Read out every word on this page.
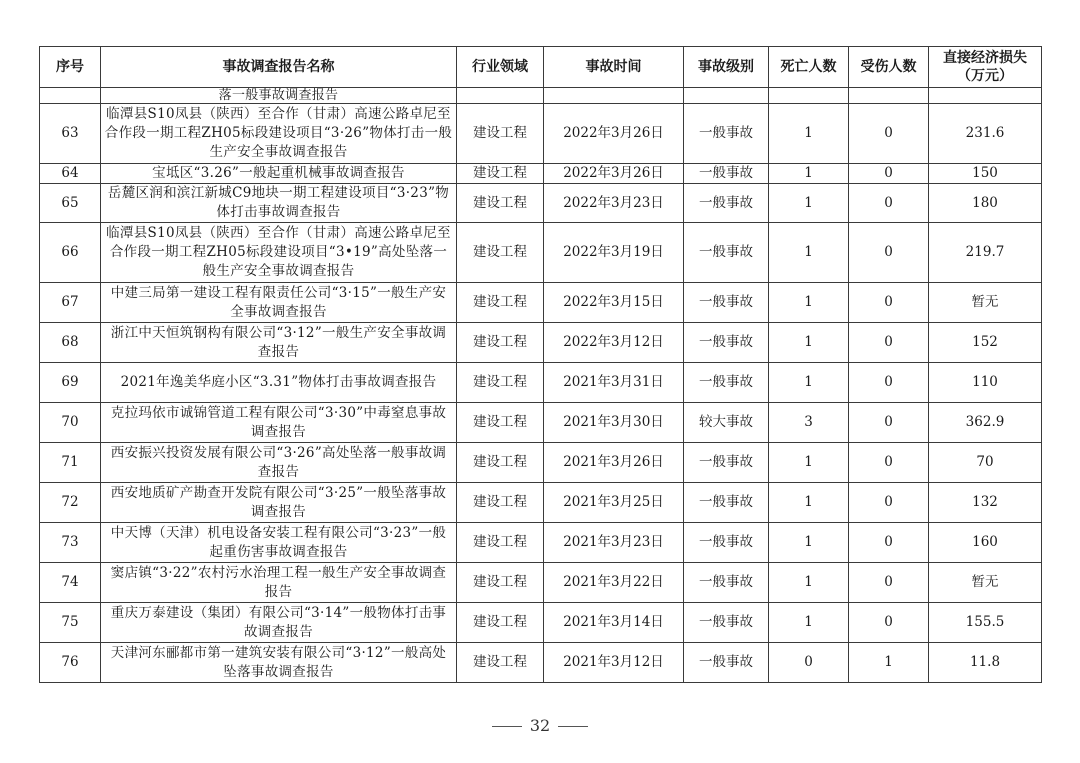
序号	事故调查报告名称	行业领域	事故时间	事故级别	死亡人数	受伤人数	直接经济损失（万元）
	落一般事故调查报告						
63	临潭县S10凤县（陕西）至合作（甘肃）高速公路卓尼至合作段一期工程ZH05标段建设项目“3·26”物体打击一般生产安全事故调查报告	建设工程	2022年3月26日	一般事故	1	0	231.6
64	宝坻区“3.26”一般起重机械事故调查报告	建设工程	2022年3月26日	一般事故	1	0	150
65	岳麓区润和滨江新城C9地块一期工程建设项目“3·23”物体打击事故调查报告	建设工程	2022年3月23日	一般事故	1	0	180
66	临潭县S10凤县（陕西）至合作（甘肃）高速公路卓尼至合作段一期工程ZH05标段建设项目“3•19”高处坠落一般生产安全事故调查报告	建设工程	2022年3月19日	一般事故	1	0	219.7
67	中建三局第一建设工程有限责任公司“3·15”一般生产安全事故调查报告	建设工程	2022年3月15日	一般事故	1	0	暂无
68	浙江中天恒筑钢构有限公司“3·12”一般生产安全事故调查报告	建设工程	2022年3月12日	一般事故	1	0	152
69	2021年逸美华庭小区“3.31”物体打击事故调查报告	建设工程	2021年3月31日	一般事故	1	0	110
70	克拉玛依市诚锦管道工程有限公司“3·30”中毒窒息事故调查报告	建设工程	2021年3月30日	较大事故	3	0	362.9
71	西安振兴投资发展有限公司“3·26”高处坠落一般事故调查报告	建设工程	2021年3月26日	一般事故	1	0	70
72	西安地质矿产勘查开发院有限公司“3·25”一般坠落事故调查报告	建设工程	2021年3月25日	一般事故	1	0	132
73	中天博（天津）机电设备安装工程有限公司“3·23”一般起重伤害事故调查报告	建设工程	2021年3月23日	一般事故	1	0	160
74	窦店镇“3·22”农村污水治理工程一般生产安全事故调查报告	建设工程	2021年3月22日	一般事故	1	0	暂无
75	重庆万泰建设（集团）有限公司“3·14”一般物体打击事故调查报告	建设工程	2021年3月14日	一般事故	1	0	155.5
76	天津河东郦都市第一建筑安装有限公司“3·12”一般高处坠落事故调查报告	建设工程	2021年3月12日	一般事故	0	1	11.8
32
